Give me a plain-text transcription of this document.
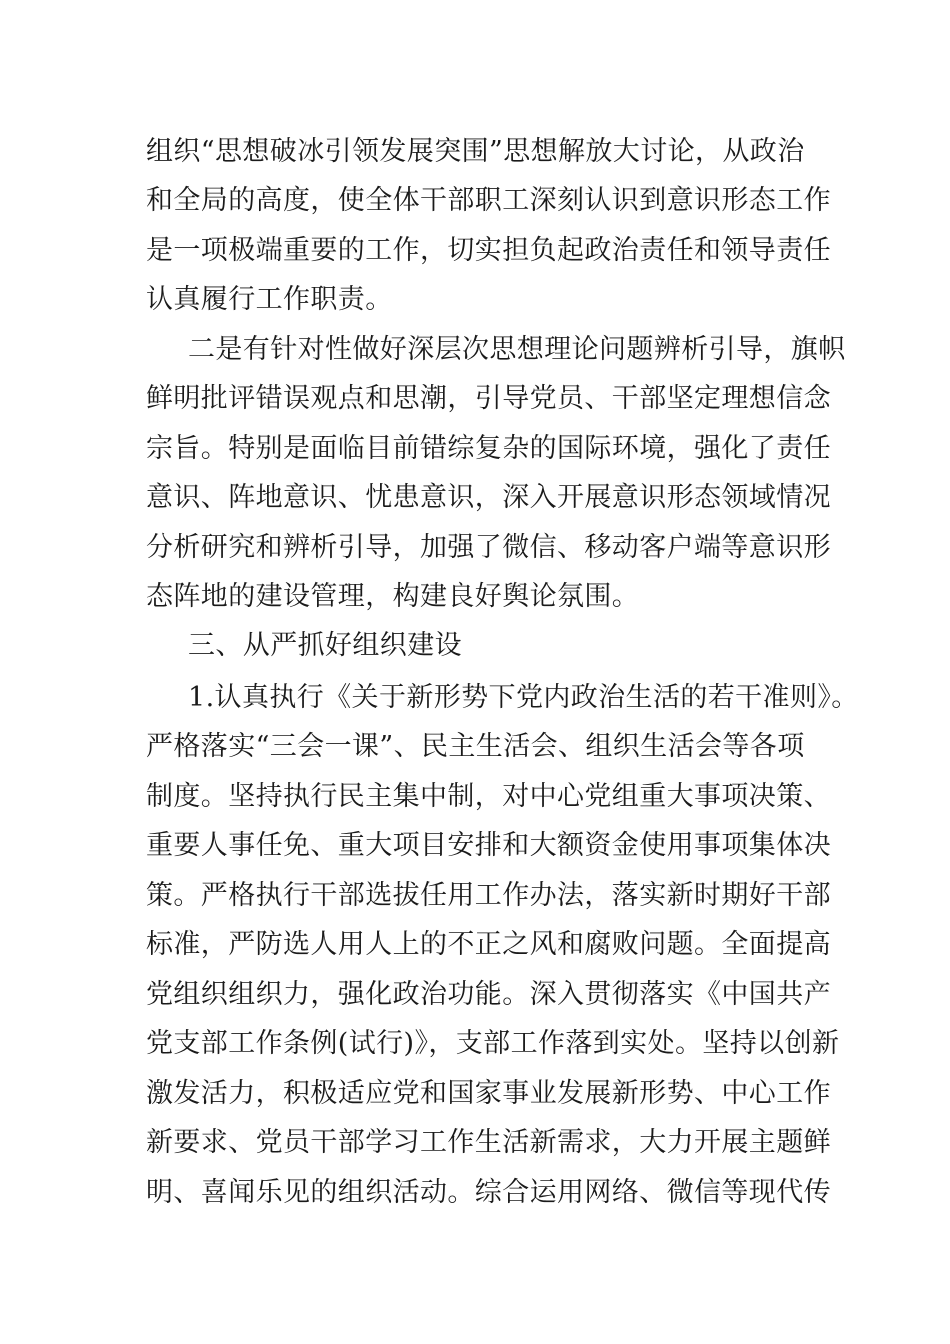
组织“思想破冰引领发展突围”思想解放大讨论，从政治
和全局的高度，使全体干部职工深刻认识到意识形态工作
是一项极端重要的工作，切实担负起政治责任和领导责任
认真履行工作职责。
二是有针对性做好深层次思想理论问题辨析引导，旗帜
鲜明批评错误观点和思潮，引导党员、干部坚定理想信念
宗旨。特别是面临目前错综复杂的国际环境，强化了责任
意识、阵地意识、忧患意识，深入开展意识形态领域情况
分析研究和辨析引导，加强了微信、移动客户端等意识形
态阵地的建设管理，构建良好舆论氛围。
三、从严抓好组织建设
1.认真执行《关于新形势下党内政治生活的若干准则》。
严格落实“三会一课”、民主生活会、组织生活会等各项
制度。坚持执行民主集中制，对中心党组重大事项决策、
重要人事任免、重大项目安排和大额资金使用事项集体决
策。严格执行干部选拔任用工作办法，落实新时期好干部
标准，严防选人用人上的不正之风和腐败问题。全面提高
党组织组织力，强化政治功能。深入贯彻落实《中国共产
党支部工作条例(试行)》，支部工作落到实处。坚持以创新
激发活力，积极适应党和国家事业发展新形势、中心工作
新要求、党员干部学习工作生活新需求，大力开展主题鲜
明、喜闻乐见的组织活动。综合运用网络、微信等现代传
